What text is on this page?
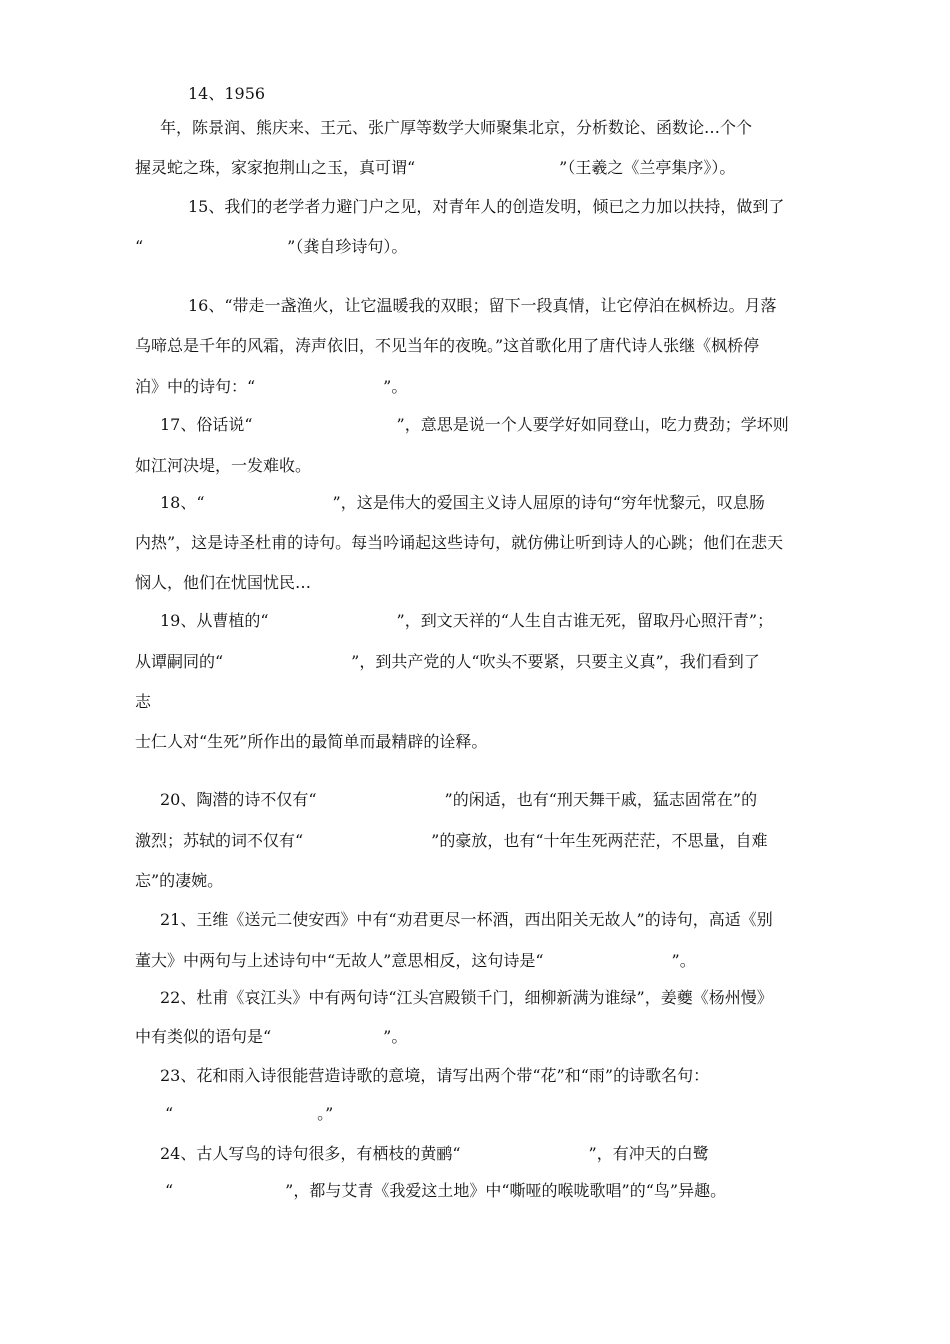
14、1956
年，陈景润、熊庆来、王元、张广厚等数学大师聚集北京，分析数论、函数论…个个
握灵蛇之珠，家家抱荆山之玉，真可谓“　　　　　　　　　”（王羲之《兰亭集序》）。
15、我们的老学者力避门户之见，对青年人的创造发明，倾已之力加以扶持，做到了
“　　　　　　　　　”（龚自珍诗句）。
16、“带走一盏渔火，让它温暖我的双眼；留下一段真情，让它停泊在枫桥边。月落
乌啼总是千年的风霜，涛声依旧，不见当年的夜晚。”这首歌化用了唐代诗人张继《枫桥停
泊》中的诗句：“　　　　　　　　”。
17、俗话说“　　　　　　　　　”，意思是说一个人要学好如同登山，吃力费劲；学坏则
如江河决堤，一发难收。
18、“　　　　　　　　”，这是伟大的爱国主义诗人屈原的诗句“穷年忧黎元，叹息肠
内热”，这是诗圣杜甫的诗句。每当吟诵起这些诗句，就仿佛让听到诗人的心跳；他们在悲天
悯人，他们在忧国忧民…
19、从曹植的“　　　　　　　　”，到文天祥的“人生自古谁无死，留取丹心照汗青”；
从谭嗣同的“　　　　　　　　”，到共产党的人“吹头不要紧，只要主义真”，我们看到了
志
士仁人对“生死”所作出的最简单而最精辟的诠释。
20、陶潜的诗不仅有“　　　　　　　　”的闲适，也有“刑天舞干戚，猛志固常在”的
激烈；苏轼的词不仅有“　　　　　　　　”的豪放，也有“十年生死两茫茫，不思量，自难
忘”的凄婉。
21、王维《送元二使安西》中有“劝君更尽一杯酒，西出阳关无故人”的诗句，高适《别
董大》中两句与上述诗句中“无故人”意思相反，这句诗是“　　　　　　　　”。
22、杜甫《哀江头》中有两句诗“江头宫殿锁千门，细柳新满为谁绿”，姜夔《杨州慢》
中有类似的语句是“　　　　　　　”。
23、花和雨入诗很能营造诗歌的意境，请写出两个带“花”和“雨”的诗歌名句：
“　　　　　　　　　。”
24、古人写鸟的诗句很多，有栖枝的黄鹂“　　　　　　　　”，有冲天的白鹭
“　　　　　　　”，都与艾青《我爱这土地》中“嘶哑的喉咙歌唱”的“鸟”异趣。
